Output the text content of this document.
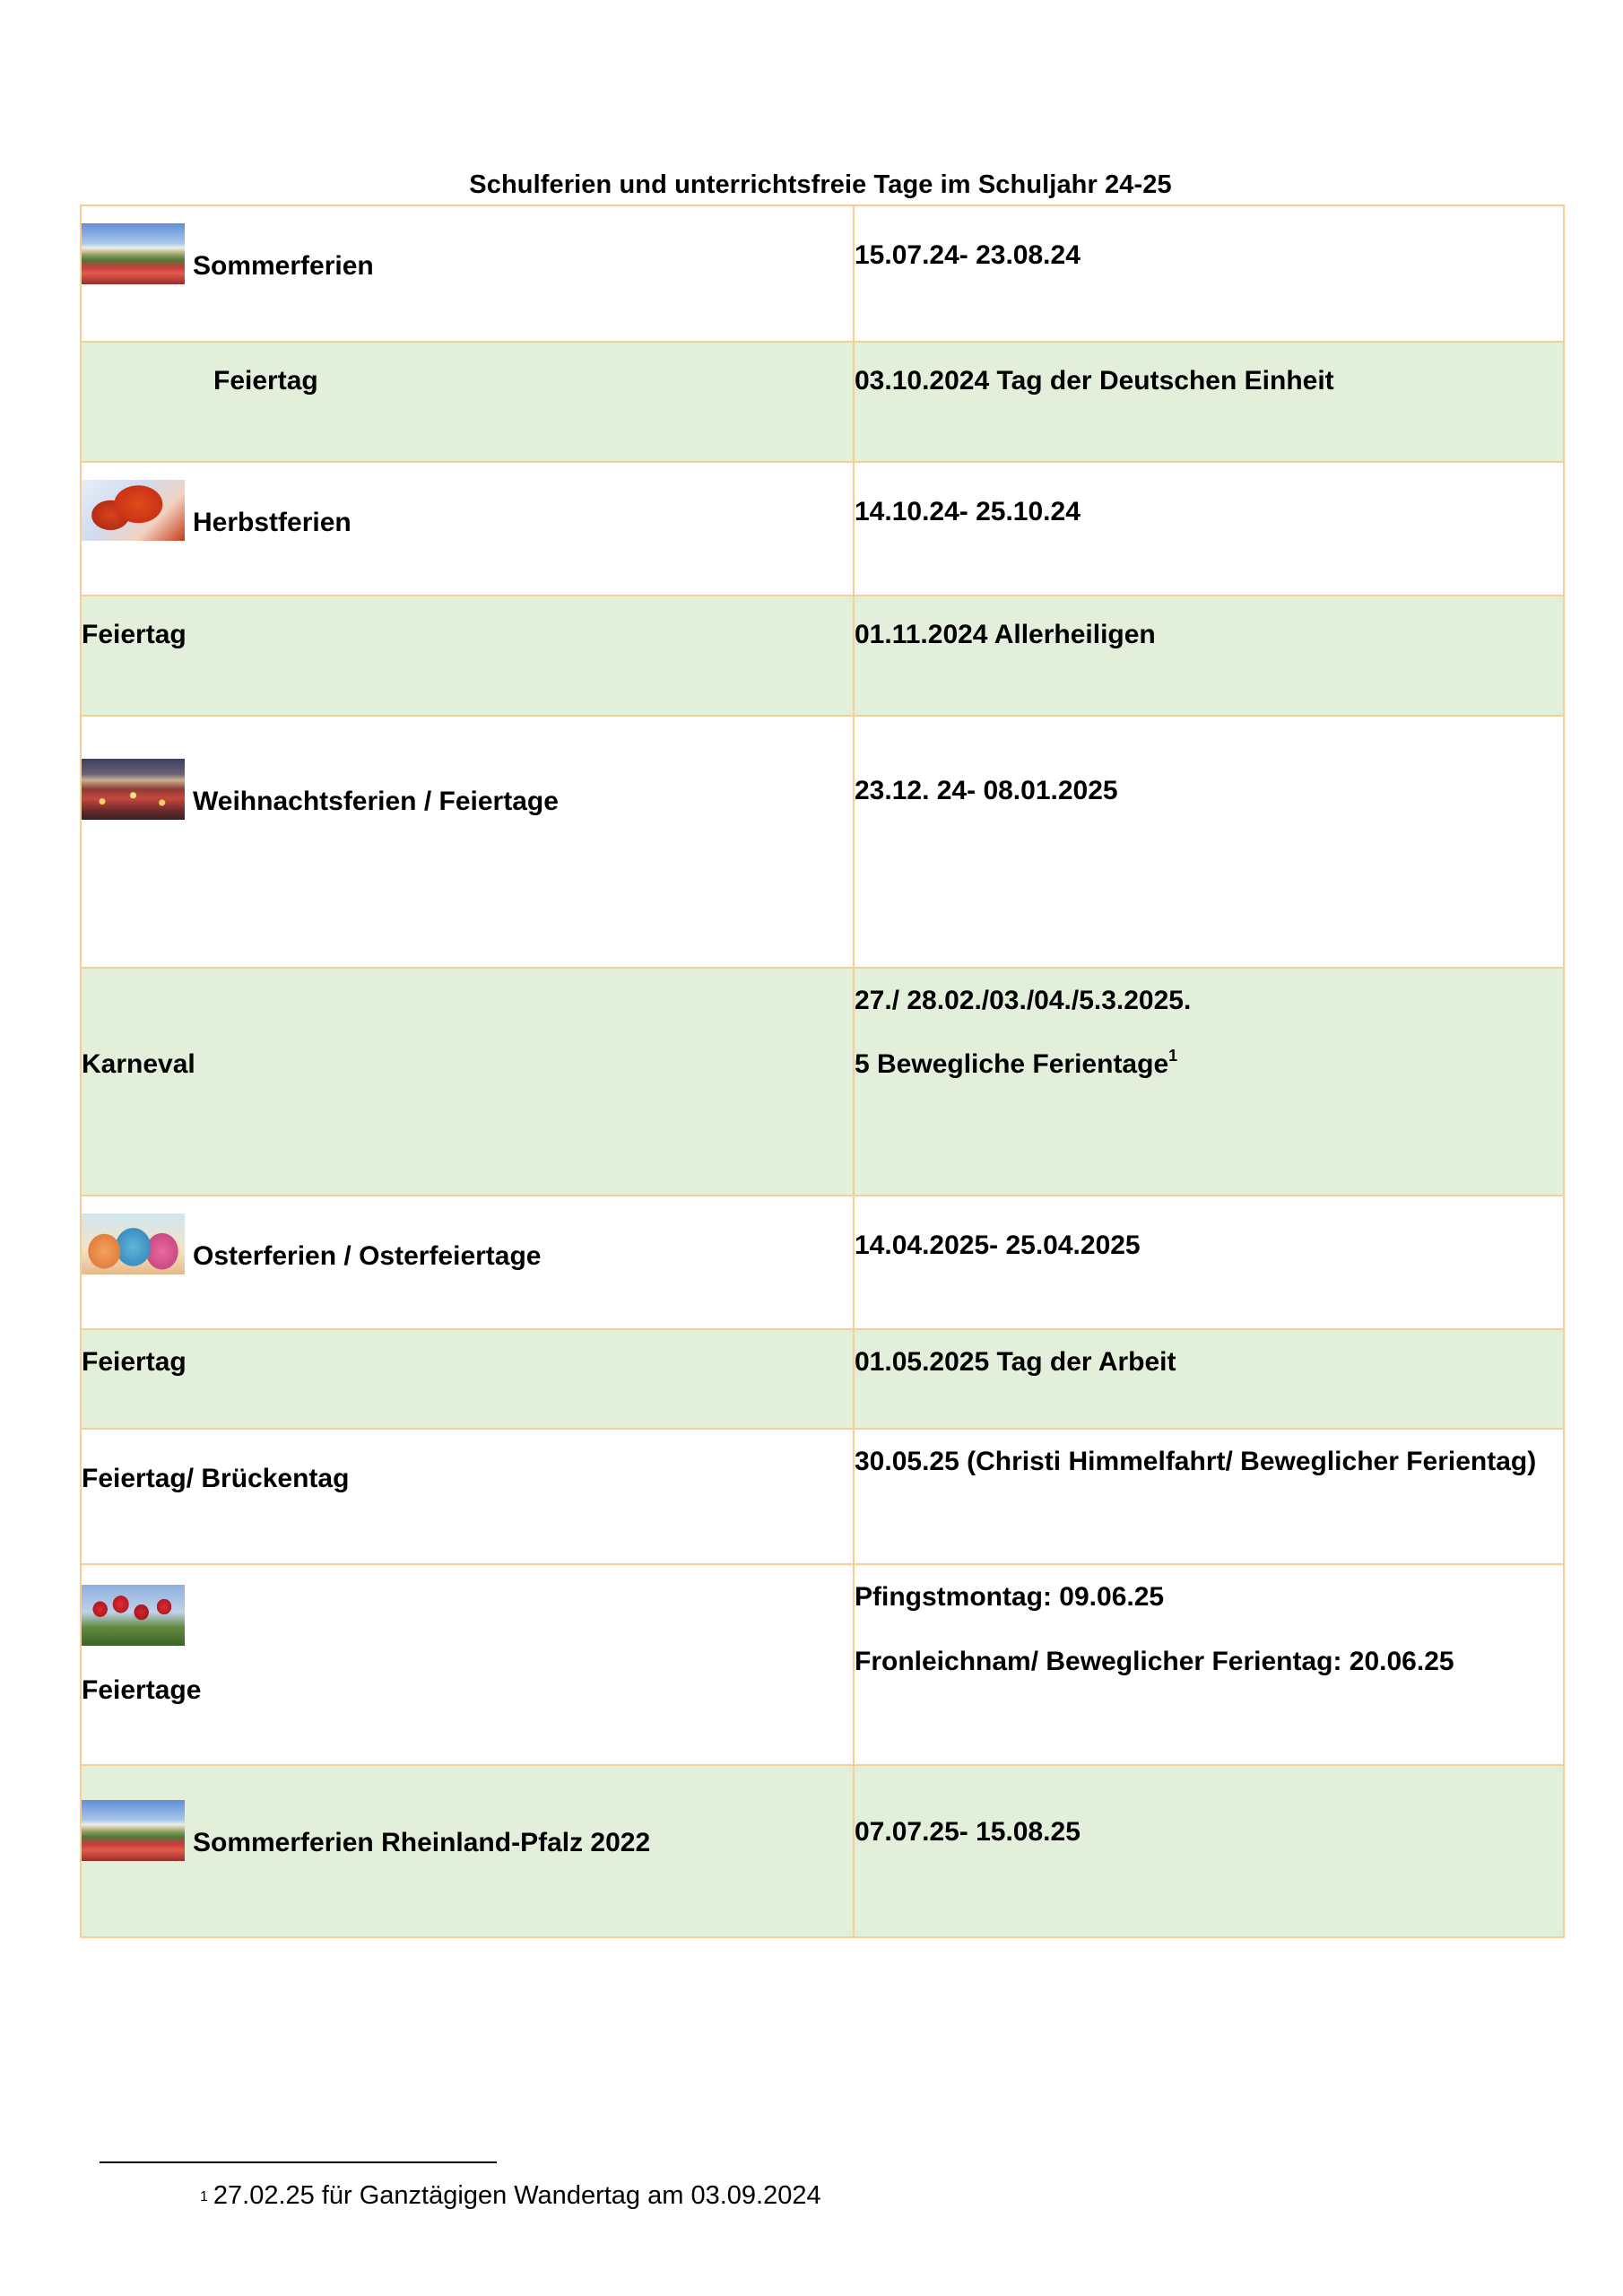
Schulferien und unterrichtsfreie Tage im Schuljahr 24-25
Sommerferien	15.07.24- 23.08.24

Feiertag	03.10.2024 Tag der Deutschen Einheit

Herbstferien	14.10.24- 25.10.24

Feiertag	01.11.2024 Allerheiligen

Weihnachtsferien / Feiertage	23.12. 24- 08.01.2025

Karneval	27./ 28.02./03./04./5.3.2025.
5 Bewegliche Ferientage$^1$

Osterferien / Osterfeiertage	14.04.2025- 25.04.2025

Feiertag	01.05.2025 Tag der Arbeit

Feiertag/ Brückentag	30.05.25 (Christi Himmelfahrt/ Beweglicher Ferientag)

Feiertage	Pfingstmontag: 09.06.25
Fronleichnam/ Beweglicher Ferientag: 20.06.25

Sommerferien Rheinland-Pfalz 2022	07.07.25- 15.08.25
$^1$ 27.02.25 für Ganztägigen Wandertag am 03.09.2024
